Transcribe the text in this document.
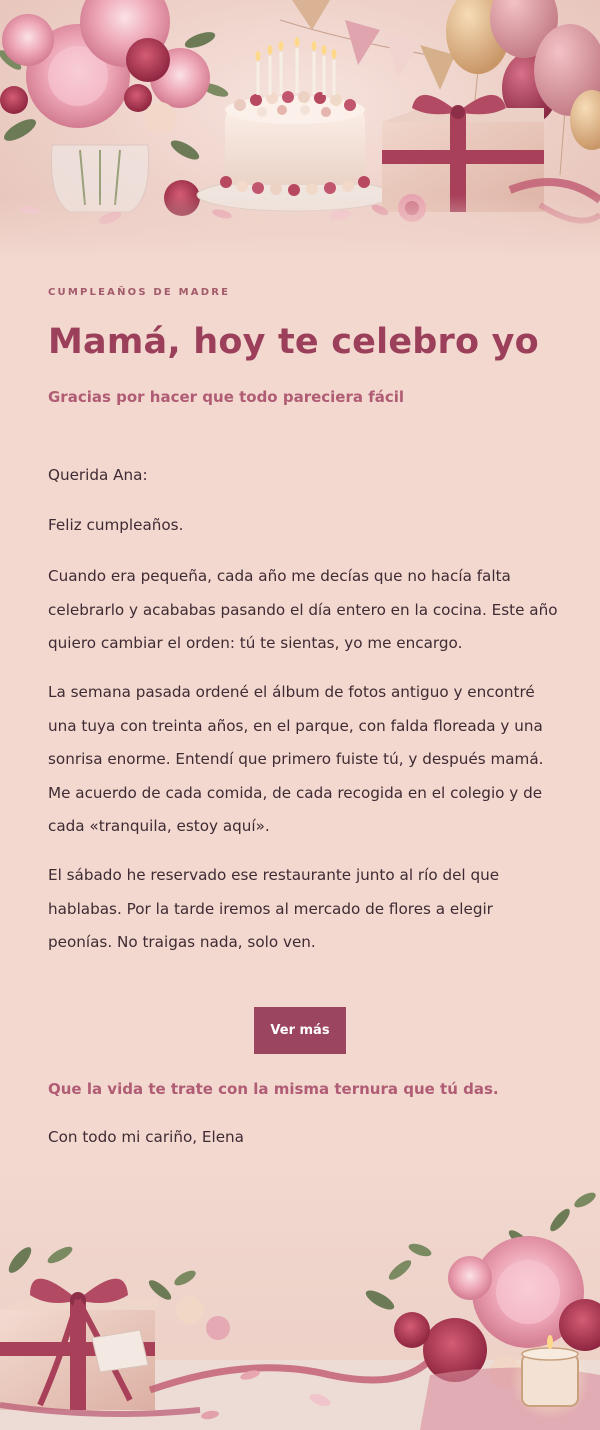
CUMPLEAÑOS DE MADRE
Mamá, hoy te celebro yo
Gracias por hacer que todo pareciera fácil

Querida Ana:

Feliz cumpleaños.

Cuando era pequeña, cada año me decías que no hacía falta celebrarlo y acababas pasando el día entero en la cocina. Este año quiero cambiar el orden: tú te sientas, yo me encargo.

La semana pasada ordené el álbum de fotos antiguo y encontré una tuya con treinta años, en el parque, con falda floreada y una sonrisa enorme. Entendí que primero fuiste tú, y después mamá. Me acuerdo de cada comida, de cada recogida en el colegio y de cada «tranquila, estoy aquí».

El sábado he reservado ese restaurante junto al río del que hablabas. Por la tarde iremos al mercado de flores a elegir peonías. No traigas nada, solo ven.

Ver más
Que la vida te trate con la misma ternura que tú das.
Con todo mi cariño, Elena
